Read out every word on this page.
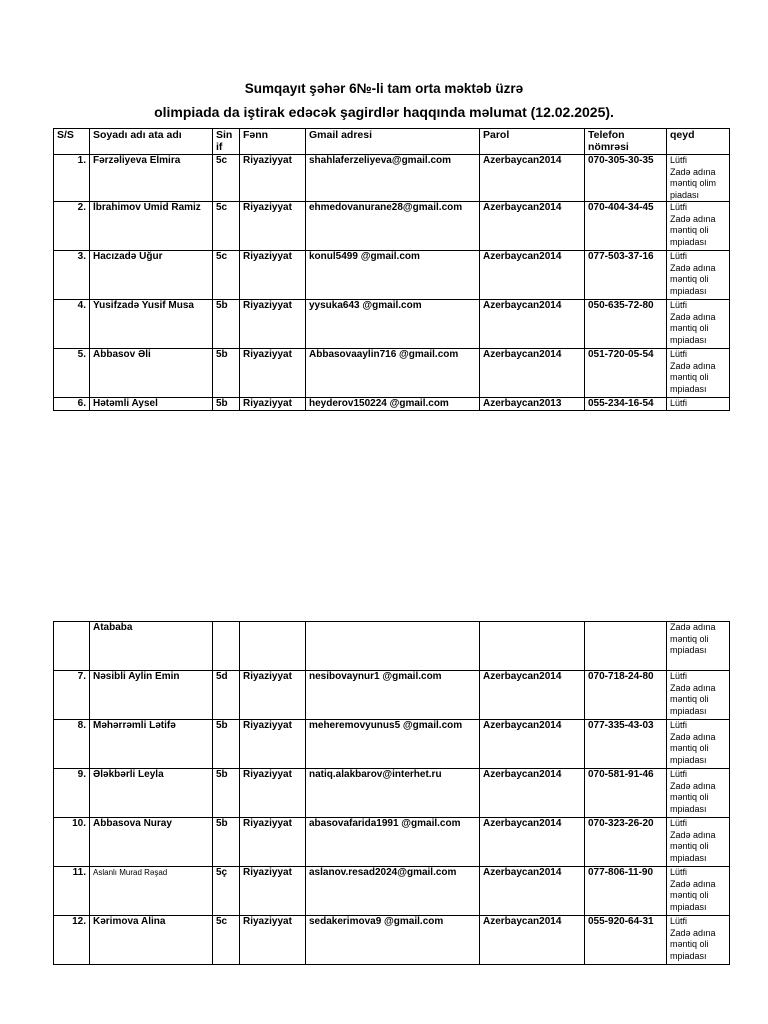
Sumqayıt şəhər 6№-li tam orta məktəb üzrə
olimpiada da iştirak edəcək şagirdlər haqqında məlumat (12.02.2025).
S/S	Soyadı adı ata adı	Sin if	Fənn	Gmail adresi	Parol	Telefon nömrəsi	qeyd
1.	Fərzəliyeva Elmira	5c	Riyaziyyat	shahlaferzeliyeva@gmail.com	Azerbaycan2014	070-305-30-35	Lütfi
Zadə adına
məntiq olim piadası

2.	İbrahimov Umid Ramiz	5c	Riyaziyyat	ehmedovanurane28@gmail.com	Azerbaycan2014	070-404-34-45	Lütfi
Zadə adına
məntiq oli
mpiadası

3.	Hacızadə Uğur	5c	Riyaziyyat	konul5499 @gmail.com	Azerbaycan2014	077-503-37-16	Lütfi
Zadə adına
məntiq oli
mpiadası

4.	Yusifzadə Yusif Musa	5b	Riyaziyyat	yysuka643 @gmail.com	Azerbaycan2014	050-635-72-80	Lütfi
Zadə adına
məntiq oli
mpiadası

5.	Abbasov Əli	5b	Riyaziyyat	Abbasovaaylin716 @gmail.com	Azerbaycan2014	051-720-05-54	Lütfi
Zadə adına
məntiq oli
mpiadası

6.	Hətəmli Aysel	5b	Riyaziyyat	heyderov150224 @gmail.com	Azerbaycan2013	055-234-16-54	Lütfi
	Atababa						Zadə adına
məntiq oli
mpiadası

7.	Nəsibli Aylin Emin	5d	Riyaziyyat	nesibovaynur1 @gmail.com	Azerbaycan2014	070-718-24-80	Lütfi
Zadə adına
məntiq oli
mpiadası

8.	Məhərrəmli Lətifə	5b	Riyaziyyat	meheremovyunus5 @gmail.com	Azerbaycan2014	077-335-43-03	Lütfi
Zadə adına
məntiq oli
mpiadası

9.	Ələkbərli Leyla	5b	Riyaziyyat	natiq.alakbarov@interhet.ru	Azerbaycan2014	070-581-91-46	Lütfi
Zadə adına
məntiq oli
mpiadası

10.	Abbasova Nuray	5b	Riyaziyyat	abasovafarida1991 @gmail.com	Azerbaycan2014	070-323-26-20	Lütfi
Zadə adına
məntiq oli
mpiadası

11.	Aslanlı Murad Rəşad	5ç	Riyaziyyat	aslanov.resad2024@gmail.com	Azerbaycan2014	077-806-11-90	Lütfi
Zadə adına
məntiq oli
mpiadası

12.	Kərimova Alina	5c	Riyaziyyat	sedakerimova9 @gmail.com	Azerbaycan2014	055-920-64-31	Lütfi
Zadə adına
məntiq oli
mpiadası
